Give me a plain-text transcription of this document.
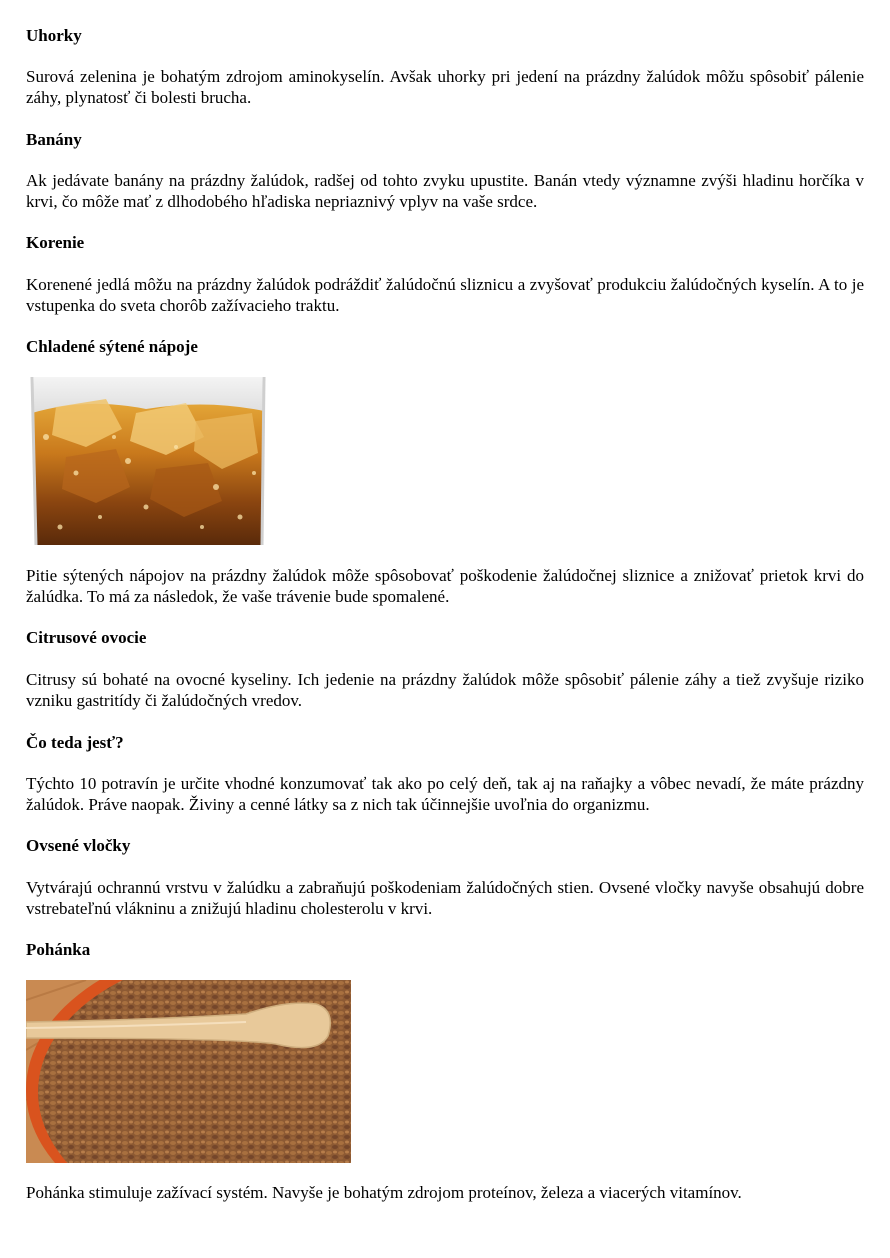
Uhorky
Surová zelenina je bohatým zdrojom aminokyselín. Avšak uhorky pri jedení na prázdny žalúdok môžu spôsobiť pálenie záhy, plynatosť či bolesti brucha.
Banány
Ak jedávate banány na prázdny žalúdok, radšej od tohto zvyku upustite. Banán vtedy významne zvýši hladinu horčíka v krvi, čo môže mať z dlhodobého hľadiska nepriaznivý vplyv na vaše srdce.
Korenie
Korenené jedlá môžu na prázdny žalúdok podráždiť žalúdočnú sliznicu a zvyšovať produkciu žalúdočných kyselín. A to je vstupenka do sveta chorôb zažívacieho traktu.
Chladené sýtené nápoje
Pitie sýtených nápojov na prázdny žalúdok môže spôsobovať poškodenie žalúdočnej sliznice a znižovať prietok krvi do žalúdka. To má za následok, že vaše trávenie bude spomalené.
Citrusové ovocie
Citrusy sú bohaté na ovocné kyseliny. Ich jedenie na prázdny žalúdok môže spôsobiť pálenie záhy a tiež zvyšuje riziko vzniku gastritídy či žalúdočných vredov.
Čo teda jesť?
Týchto 10 potravín je určite vhodné konzumovať tak ako po celý deň, tak aj na raňajky a vôbec nevadí, že máte prázdny žalúdok. Práve naopak. Živiny a cenné látky sa z nich tak účinnejšie uvoľnia do organizmu.
Ovsené vločky
Vytvárajú ochrannú vrstvu v žalúdku a zabraňujú poškodeniam žalúdočných stien. Ovsené vločky navyše obsahujú dobre vstrebateľnú vlákninu a znižujú hladinu cholesterolu v krvi.
Pohánka
Pohánka stimuluje zažívací systém. Navyše je bohatým zdrojom proteínov, železa a viacerých vitamínov.
